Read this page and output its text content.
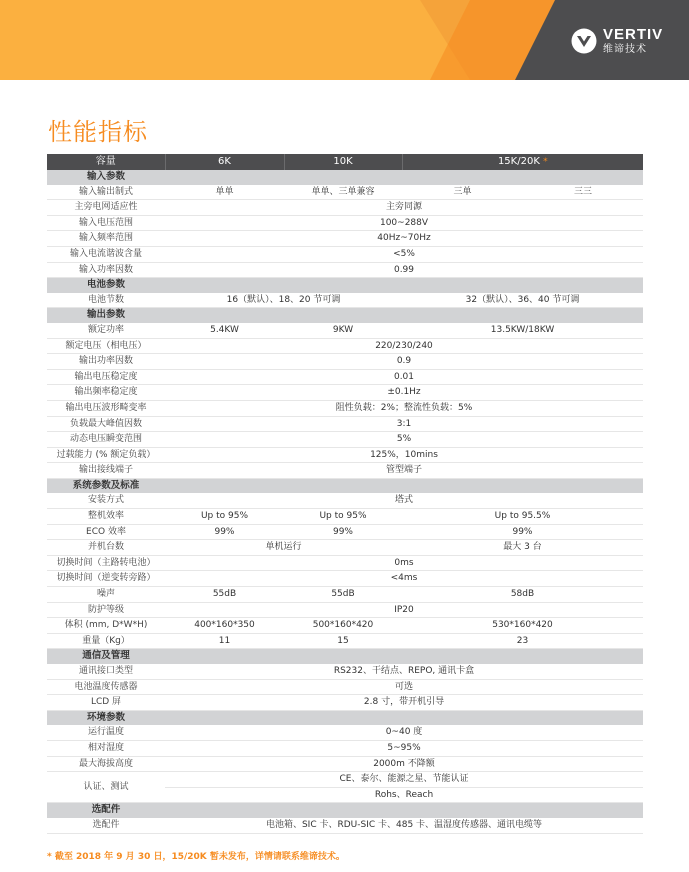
VERTIV
维谛技术
性能指标
容量	6K	10K	15K/20K *	
输入参数				
输入输出制式	单单	单单、三单兼容	三单	三三
主旁电网适应性	主旁同源			
输入电压范围	100~288V			
输入频率范围	40Hz~70Hz			
输入电流谐波含量	<5%			
输入功率因数	0.99			
电池参数				
电池节数	16（默认）、18、20 节可调		32（默认）、36、40 节可调	
输出参数				
额定功率	5.4KW	9KW	13.5KW/18KW	
额定电压（相电压）	220/230/240			
输出功率因数	0.9			
输出电压稳定度	0.01			
输出频率稳定度	±0.1Hz			
输出电压波形畸变率	阻性负载：2%；整流性负载：5%			
负载最大峰值因数	3:1			
动态电压瞬变范围	5%			
过载能力 (% 额定负载）	125%，10mins			
输出接线端子	管型端子			
系统参数及标准				
安装方式	塔式			
整机效率	Up to 95%	Up to 95%	Up to 95.5%	
ECO 效率	99%	99%	99%	
并机台数	单机运行		最大 3 台	
切换时间（主路转电池）	0ms			
切换时间（逆变转旁路）	<4ms			
噪声	55dB	55dB	58dB	
防护等级	IP20			
体积 (mm, D*W*H)	400*160*350	500*160*420	530*160*420	
重量（Kg）	11	15	23	
通信及管理				
通讯接口类型	RS232、干结点、REPO, 通讯卡盒			
电池温度传感器	可选			
LCD 屏	2.8 寸，带开机引导			
环境参数				
运行温度	0~40 度			
相对湿度	5~95%			
最大海拔高度	2000m 不降额			
认证、测试	CE、泰尔、能源之星、节能认证			
	Rohs、Reach			
选配件				
选配件	电池箱、SIC 卡、RDU-SIC 卡、485 卡、温湿度传感器、通讯电缆等			
* 截至 2018 年 9 月 30 日，15/20K 暂未发布，详情请联系维谛技术。
